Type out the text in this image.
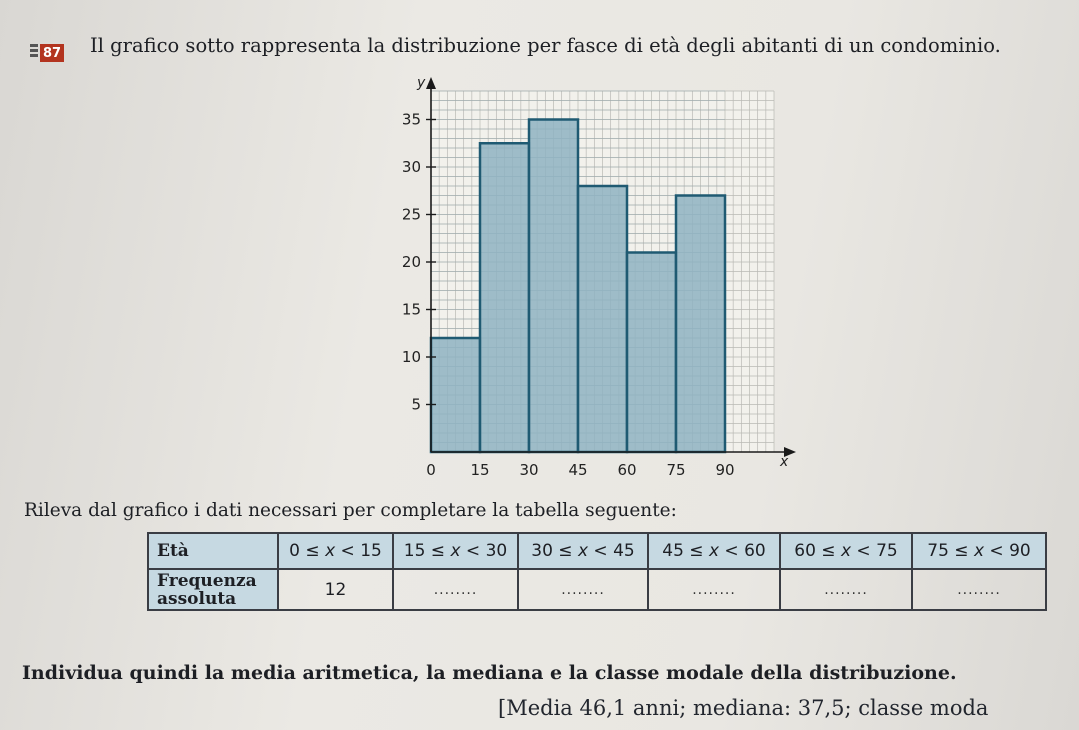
87 Il grafico sotto rappresenta la distribuzione per fasce di età degli abitanti di un condominio.
y
x
5
10
15
20
25
30
35
0 15 30 45 60 75 90
Rileva dal grafico i dati necessari per completare la tabella seguente:
Età	0 ≤ x < 15	15 ≤ x < 30	30 ≤ x < 45	45 ≤ x < 60	60 ≤ x < 75	75 ≤ x < 90
Frequenza assoluta	12	........	........	........	........	........
Individua quindi la media aritmetica, la mediana e la classe modale della distribuzione.
[Media 46,1 anni; mediana: 37,5; classe moda
